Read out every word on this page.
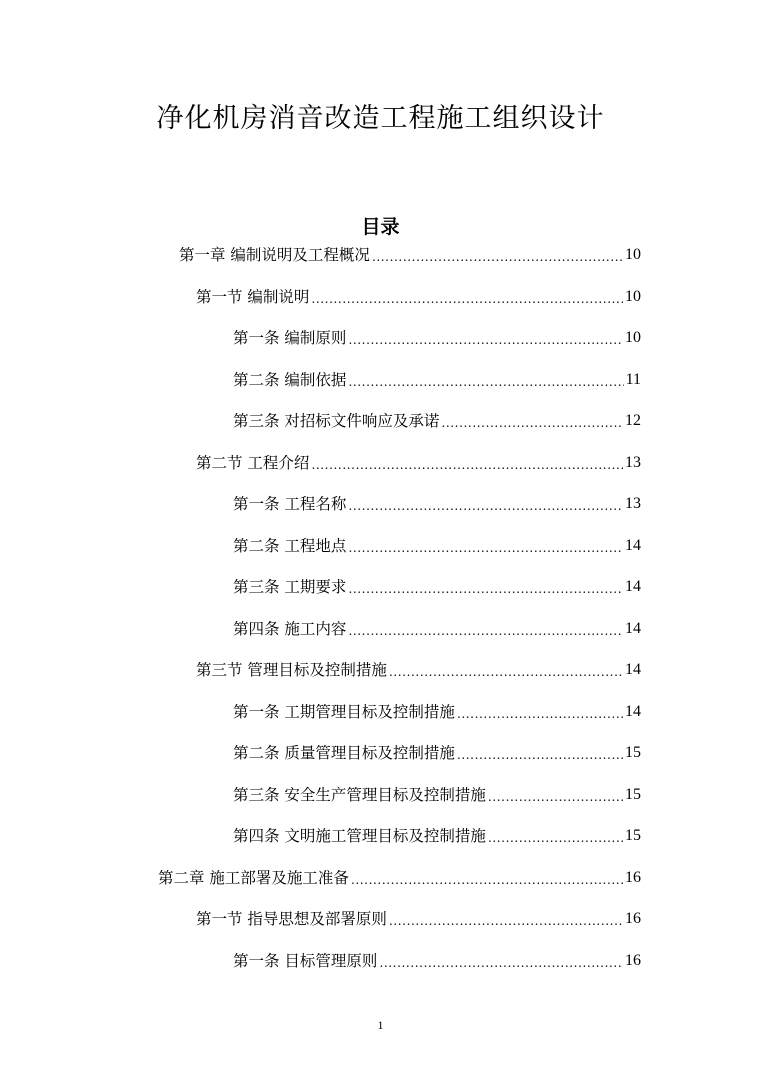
净化机房消音改造工程施工组织设计
目录
第一章 编制说明及工程概况 .....	10
第一节 编制说明 .....	10
第一条 编制原则 .....	10
第二条 编制依据 .....	11
第三条 对招标文件响应及承诺 .....	12
第二节 工程介绍 .....	13
第一条 工程名称 .....	13
第二条 工程地点 .....	14
第三条 工期要求 .....	14
第四条 施工内容 .....	14
第三节 管理目标及控制措施 .....	14
第一条 工期管理目标及控制措施 .....	14
第二条 质量管理目标及控制措施 .....	15
第三条 安全生产管理目标及控制措施 .....	15
第四条 文明施工管理目标及控制措施 .....	15
第二章 施工部署及施工准备 .....	16
第一节 指导思想及部署原则 .....	16
第一条 目标管理原则 .....	16
1
